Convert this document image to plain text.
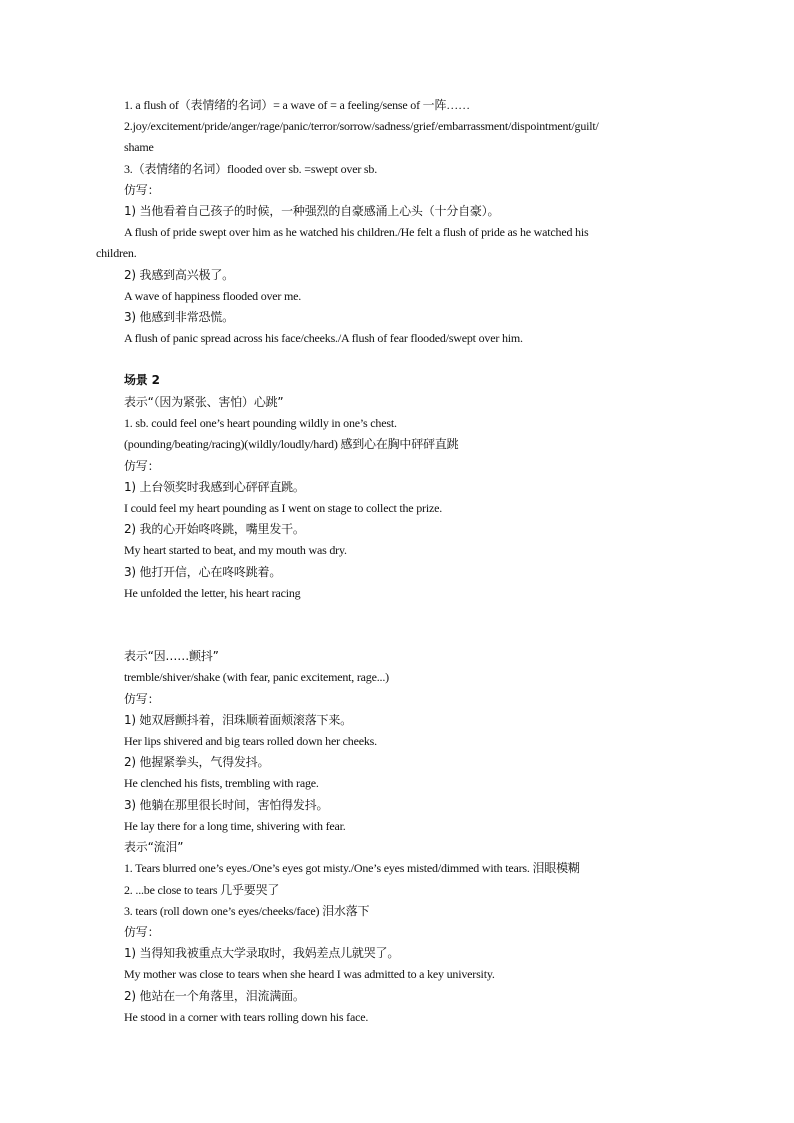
1. a flush of（表情绪的名词）= a wave of = a feeling/sense of 一阵……
2.joy/excitement/pride/anger/rage/panic/terror/sorrow/sadness/grief/embarrassment/dispointment/guilt/
shame
3.（表情绪的名词）flooded over sb. =swept over sb.
仿写：
1) 当他看着自己孩子的时候，一种强烈的自豪感涌上心头（十分自豪）。
A flush of pride swept over him as he watched his children./He felt a flush of pride as he watched his
children.
2) 我感到高兴极了。
A wave of happiness flooded over me.
3) 他感到非常恐慌。
A flush of panic spread across his face/cheeks./A flush of fear flooded/swept over him.
场景 2
表示“（因为紧张、害怕）心跳”
1. sb. could feel one’s heart pounding wildly in one’s chest.
(pounding/beating/racing)(wildly/loudly/hard) 感到心在胸中砰砰直跳
仿写：
1) 上台领奖时我感到心砰砰直跳。
I could feel my heart pounding as I went on stage to collect the prize.
2) 我的心开始咚咚跳，嘴里发干。
My heart started to beat, and my mouth was dry.
3) 他打开信，心在咚咚跳着。
He unfolded the letter, his heart racing
表示“因……颤抖”
tremble/shiver/shake (with fear, panic excitement, rage...)
仿写：
1) 她双唇颤抖着，泪珠顺着面颊滚落下来。
Her lips shivered and big tears rolled down her cheeks.
2) 他握紧拳头，气得发抖。
He clenched his fists, trembling with rage.
3) 他躺在那里很长时间，害怕得发抖。
He lay there for a long time, shivering with fear.
表示“流泪”
1. Tears blurred one’s eyes./One’s eyes got misty./One’s eyes misted/dimmed with tears. 泪眼模糊
2. ...be close to tears 几乎要哭了
3. tears (roll down one’s eyes/cheeks/face) 泪水落下
仿写：
1) 当得知我被重点大学录取时，我妈差点儿就哭了。
My mother was close to tears when she heard I was admitted to a key university.
2) 他站在一个角落里，泪流满面。
He stood in a corner with tears rolling down his face.
